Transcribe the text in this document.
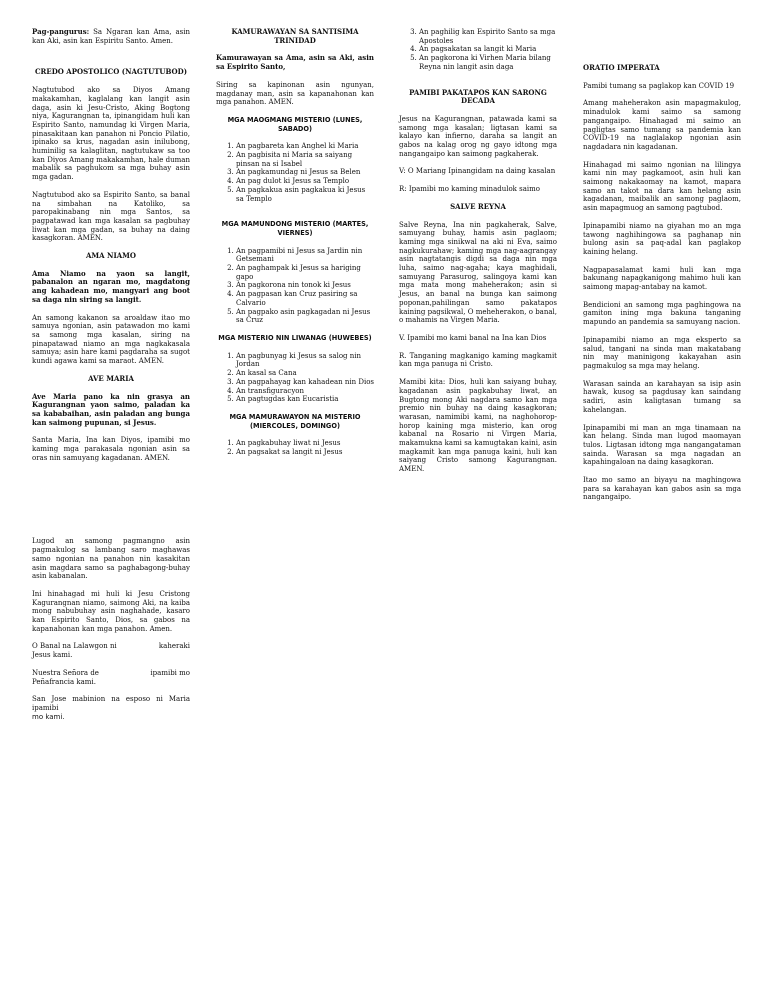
Pag-pangurus: Sa Ngaran kan Ama, asin kan Aki, asin kan Espiritu Santo. Amen.

CREDO APOSTOLICO (NAGTUTUBOD)

Nagtutubod ako sa Diyos Amang makakamhan, kaglalang kan langit asin daga, asin ki Jesu-Cristo, Aking Bogtong niya, Kagurangnan ta, ipinangidam huli kan Espirito Santo, namundag ki Virgen Maria, pinasakitaan kan panahon ni Poncio Pilatio, ipinako sa krus, nagadan asin inilubong, huminilig sa kalaglitan, nagtutukaw sa too kan Diyos Amang makakamhan, hale duman mabalik sa paghukom sa mga buhay asin mga gadan.

Nagtutubod ako sa Espirito Santo, sa banal na simbahan na Katoliko, sa paropakinabang nin mga Santos, sa pagpatawad kan mga kasalan sa pagbuhay liwat kan mga gadan, sa buhay na daing kasagkoran. AMEN.

AMA NIAMO

Ama Niamo na yaon sa langit, pabanalon an ngaran mo, magdatong ang kahadean mo, mangyari ang boot sa daga nin siring sa langit.

An samong kakanon sa aroaldaw itao mo samuya ngonian, asin patawadon mo kami sa samong mga kasalan, siring na pinapatawad niamo an mga nagkakasala samuya; asin hare kami pagdaraha sa sugot kundi agawa kami sa maraot. AMEN.

AVE MARIA

Ave Maria pano ka nin grasya an Kagurangnan yaon saimo, paladan ka sa kababaihan, asin paladan ang bunga kan saimong pupunan, si Jesus.

Santa Maria, Ina kan Diyos, ipamibi mo kaming mga parakasala ngonian asin sa oras nin samuyang kagadanan. AMEN.

Lugod an samong pagmangno asin pagmakulog sa lambang saro maghawas samo ngonian na panahon nin kasakitan asin magdara samo sa paghabagong-buhay asin kabanalan.

Ini hinahagad mi huli ki Jesu Cristong Kagurangnan niamo, saimong Aki, na kaiba mong nabubuhay asin naghahade, kasaro kan Espirito Santo, Dios, sa gabos na kapanahonan kan mga panahon. Amen.

O Banal na Lalawgon ni Jesus kami.
kaheraki
Nuestra Señora de Peñafrancia kami.
ipamibi mo

San Jose mabinion na esposo ni Maria ipamibi

mo kami.

KAMURAWAYAN SA SANTISIMA TRINIDAD

Kamurawayan sa Ama, asin sa Aki, asin sa Espirito Santo,

Siring sa kapinonan asin ngunyan, magdanay man, asin sa kapanahonan kan mga panahon. AMEN.

MGA MAOGMANG MISTERIO (LUNES, SABADO)
1. An pagbareta kan Anghel ki Maria
2. An pagbisita ni Maria sa saiyang pinsan na si Isabel
3. An pagkamundag ni Jesus sa Belen
4. An pag dulot ki Jesus sa Templo
5. An pagkakua asin pagkakua ki Jesus sa Templo
MGA MAMUNDONG MISTERIO (MARTES, VIERNES)
1. An pagpamibi ni Jesus sa Jardin nin Getsemani
2. An paghampak ki Jesus sa hariging gapo
3. An pagkorona nin tonok ki Jesus
4. An pagpasan kan Cruz pasiring sa Calvario
5. An pagpako asin pagkagadan ni Jesus sa Cruz
MGA MISTERIO NIN LIWANAG (HUWEBES)
1. An pagbunyag ki Jesus sa salog nin Jordan
2. An kasal sa Cana
3. An pagpahayag kan kahadean nin Dios
4. An transfiguracyon
5. An pagtugdas kan Eucaristia
MGA MAMURAWAYON NA MISTERIO (MIERCOLES, DOMINGO)
1. An pagkabuhay liwat ni Jesus
2. An pagsakat sa langit ni Jesus
3. An paghilig kan Espirito Santo sa mga Apostoles
4. An pagsakatan sa langit ki Maria
5. An pagkorona ki Virhen Maria bilang Reyna nin langit asin daga
PAMIBI PAKATAPOS KAN SARONG DECADA

Jesus na Kagurangnan, patawada kami sa samong mga kasalan; ligtasan kami sa kalayo kan infierno, daraha sa langit an gabos na kalag orog ng gayo idtong mga nangangaipo kan saimong pagkaherak.

V: O Mariang Ipinangidam na daing kasalan

R: Ipamibi mo kaming minadulok saimo

SALVE REYNA

Salve Reyna, Ina nin pagkaherak, Salve, samuyang buhay, hamis asin paglaom; kaming mga sinikwal na aki ni Eva, saimo nagkukurahaw; kaming mga nag-aagrangay asin nagtatangis digdi sa daga nin mga luha, saimo nag-agaha; kaya maghidali, samuyang Parasurog, salingoya kami kan mga mata mong maheherakon; asin si Jesus, an banal na bunga kan saimong poponan,pahilingan samo pakatapos kaining pagsikwal, O meheherakon, o banal, o mahamis na Virgen Maria.

V. Ipamibi mo kami banal na Ina kan Dios

R. Tanganing magkanigo kaming magkamit kan mga panuga ni Cristo.

Mamibi kita: Dios, huli kan saiyang buhay, kagadanan asin pagkabuhay liwat, an Bugtong mong Aki nagdara samo kan mga premio nin buhay na daing kasagkoran; warasan, namimibi kami, na naghohorop-horop kaining mga misterio, kan orog kabanal na Rosario ni Virgen Maria, makamukna kami sa kamugtakan kaini, asin magkamit kan mga panuga kaini, huli kan saiyang Cristo samong Kagurangnan. AMEN.

ORATIO IMPERATA

Pamibi tumang sa paglakop kan COVID 19

Amang maheherakon asin mapagmakulog, minadulok kami saimo sa samong pangangaipo. Hinahagad mi saimo an pagligtas samo tumang sa pandemia kan COVID-19 na naglalakop ngonian asin nagdadara nin kagadanan.

Hinahagad mi saimo ngonian na lilingya kami nin may pagkamoot, asin huli kan saimong nakakaomay na kamot, mapara samo an takot na dara kan helang asin kagadanan, maibalik an samong paglaom, asin mapagmuog an samong pagtubod.

Ipinapamibi niamo na giyahan mo an mga tawong naghihingowa sa paghanap nin bulong asin sa paq-adal kan paglakop kaining helang.

Nagpapasalamat kami huli kan mga bakunang napagkanigong mahimo huli kan saimong mapag-antabay na kamot.

Bendicioni an samong mga paghingowa na gamiton ining mga bakuna tanganing mapundo an pandemia sa samuyang nacion.

Ipinapamibi niamo an mga eksperto sa salud, tangani na sinda man makatabang nin may maninigong kakayahan asin pagmakulog sa mga may helang.

Warasan sainda an karahayan sa isip asin hawak, kusog sa pagdusay kan saindang sadiri, asin kaligtasan tumang sa kahelangan.

Ipinapamibi mi man an mga tinamaan na kan helang. Sinda man lugod maomayan tulos. Ligtasan idtong mga nangangataman sainda. Warasan sa mga nagadan an kapahingaloan na daing kasagkoran.

Itao mo samo an biyayu na maghingowa para sa karahayan kan gabos asin sa mga nangangaipo.
